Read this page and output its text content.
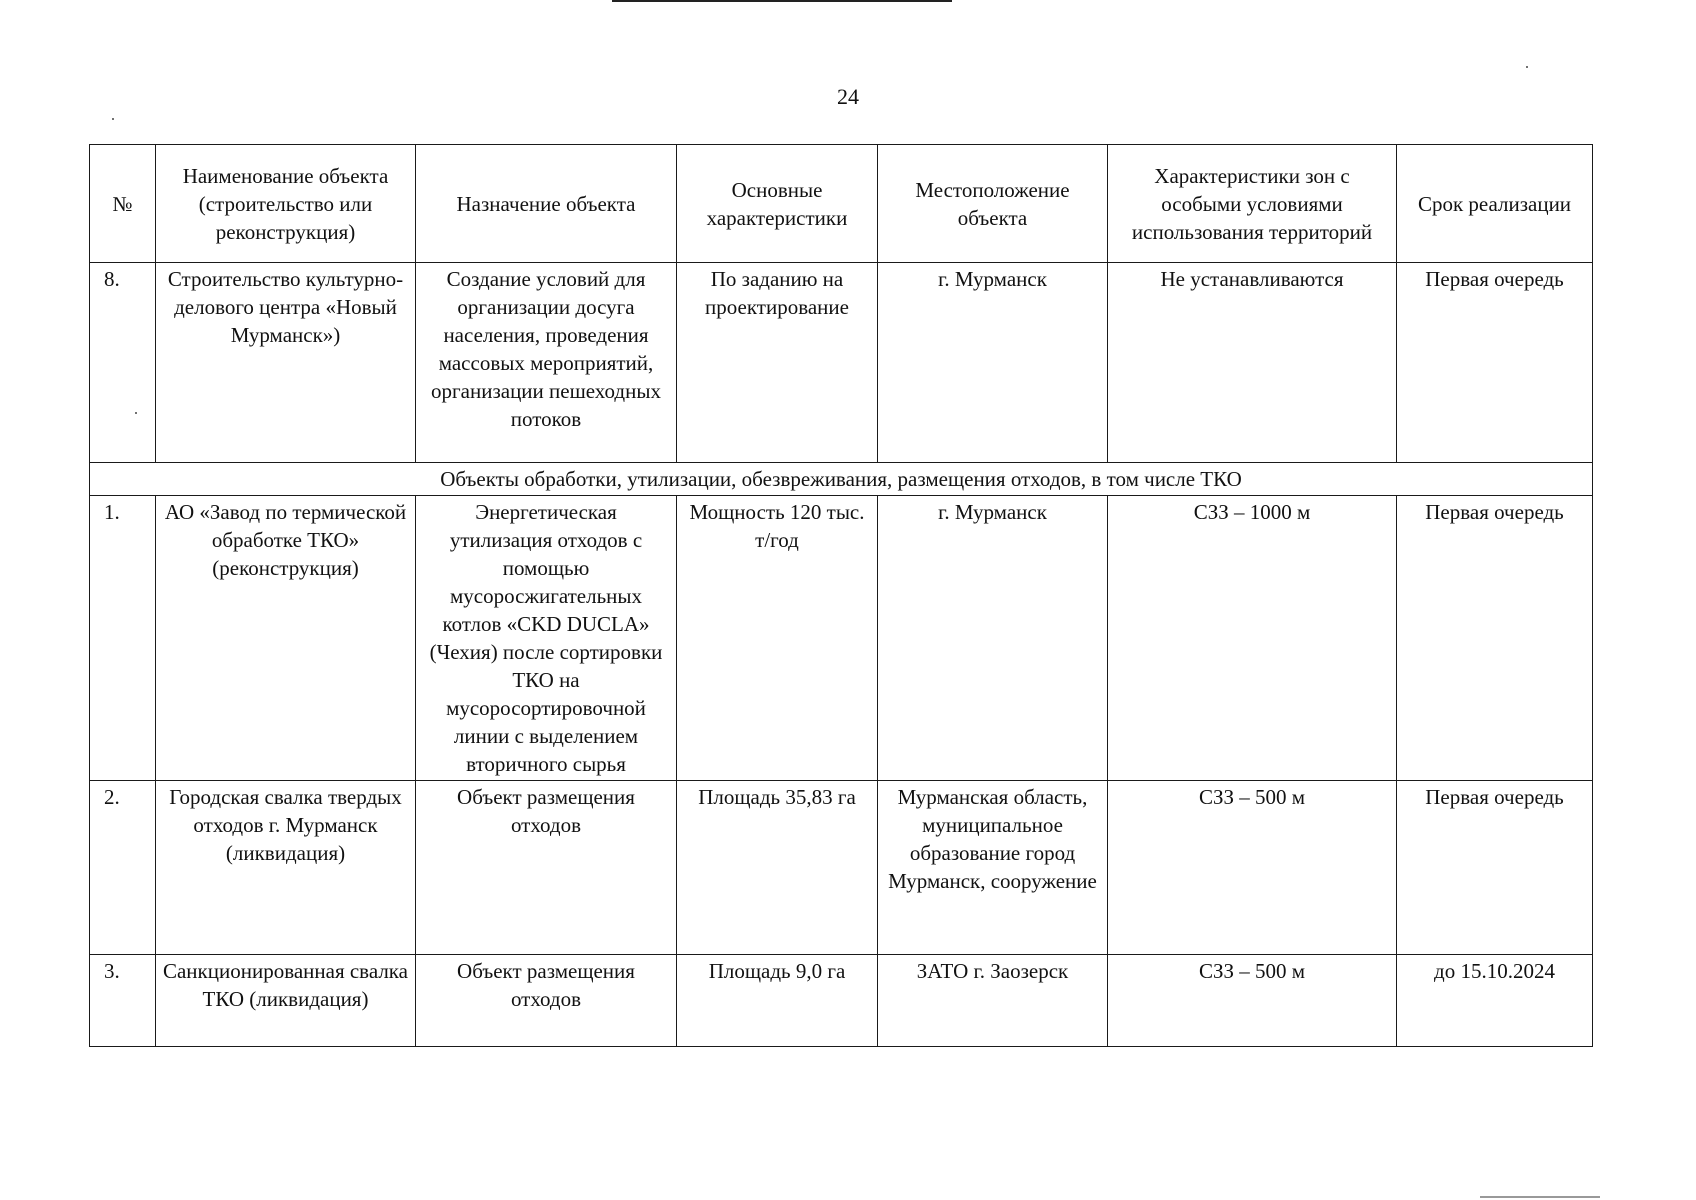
24
№	Наименование объекта (строительство или реконструкция)	Назначение объекта	Основные характеристики	Местоположение объекта	Характеристики зон с особыми условиями использования территорий	Срок реализации
8.	Строительство культурно-делового центра «Новый Мурманск»)	Создание условий для организации досуга населения, проведения массовых мероприятий, организации пешеходных потоков	По заданию на проектирование	г. Мурманск	Не устанавливаются	Первая очередь
Объекты обработки, утилизации, обезвреживания, размещения отходов, в том числе ТКО						
1.	АО «Завод по термической обработке ТКО» (реконструкция)	Энергетическая утилизация отходов с помощью мусоросжигательных котлов «CKD DUCLA» (Чехия) после сортировки ТКО на мусоросортировочной линии с выделением вторичного сырья	Мощность 120 тыс. т/год	г. Мурманск	СЗЗ – 1000 м	Первая очередь
2.	Городская свалка твердых отходов г. Мурманск (ликвидация)	Объект размещения отходов	Площадь 35,83 га	Мурманская область, муниципальное образование город Мурманск, сооружение	СЗЗ – 500 м	Первая очередь
3.	Санкционированная свалка ТКО (ликвидация)	Объект размещения отходов	Площадь 9,0 га	ЗАТО г. Заозерск	СЗЗ – 500 м	до 15.10.2024
